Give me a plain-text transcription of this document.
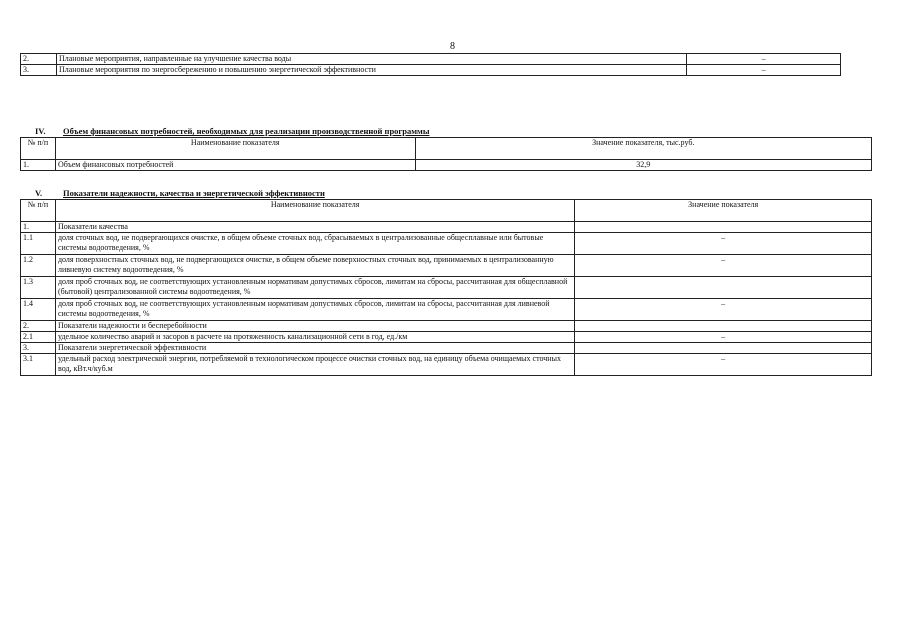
8
2.	Плановые мероприятия, направленные на улучшение качества воды	–
3.	Плановые мероприятия по энергосбережению и повышению энергетической эффективности	–
IV. Объем финансовых потребностей, необходимых для реализации производственной программы
№ п/п	Наименование показателя	Значение показателя, тыс.руб.
1.	Объем финансовых потребностей	32,9
V. Показатели надежности, качества и энергетической эффективности
№ п/п	Наименование показателя	Значение показателя
1.	Показатели качества	
1.1	доля сточных вод, не подвергающихся очистке, в общем объеме сточных вод, сбрасываемых в централизованные общесплавные или бытовые системы водоотведения, %	–
1.2	доля поверхностных сточных вод, не подвергающихся очистке, в общем объеме поверхностных сточных вод, принимаемых в централизованную ливневую систему водоотведения, %	–
1.3	доля проб сточных вод, не соответствующих установленным нормативам допустимых сбросов, лимитам на сбросы, рассчитанная для общесплавной (бытовой) централизованной системы водоотведения, %	
1.4	доля проб сточных вод, не соответствующих установленным нормативам допустимых сбросов, лимитам на сбросы, рассчитанная для ливневой системы водоотведения, %	–
2.	Показатели надежности и бесперебойности	
2.1	удельное количество аварий и засоров в расчете на протяженность канализационной сети в год, ед./км	–
3.	Показатели энергетической эффективности	
3.1	удельный расход электрической энергии, потребляемой в технологическом процессе очистки сточных вод, на единицу объема очищаемых сточных вод, кВт.ч/куб.м	–
